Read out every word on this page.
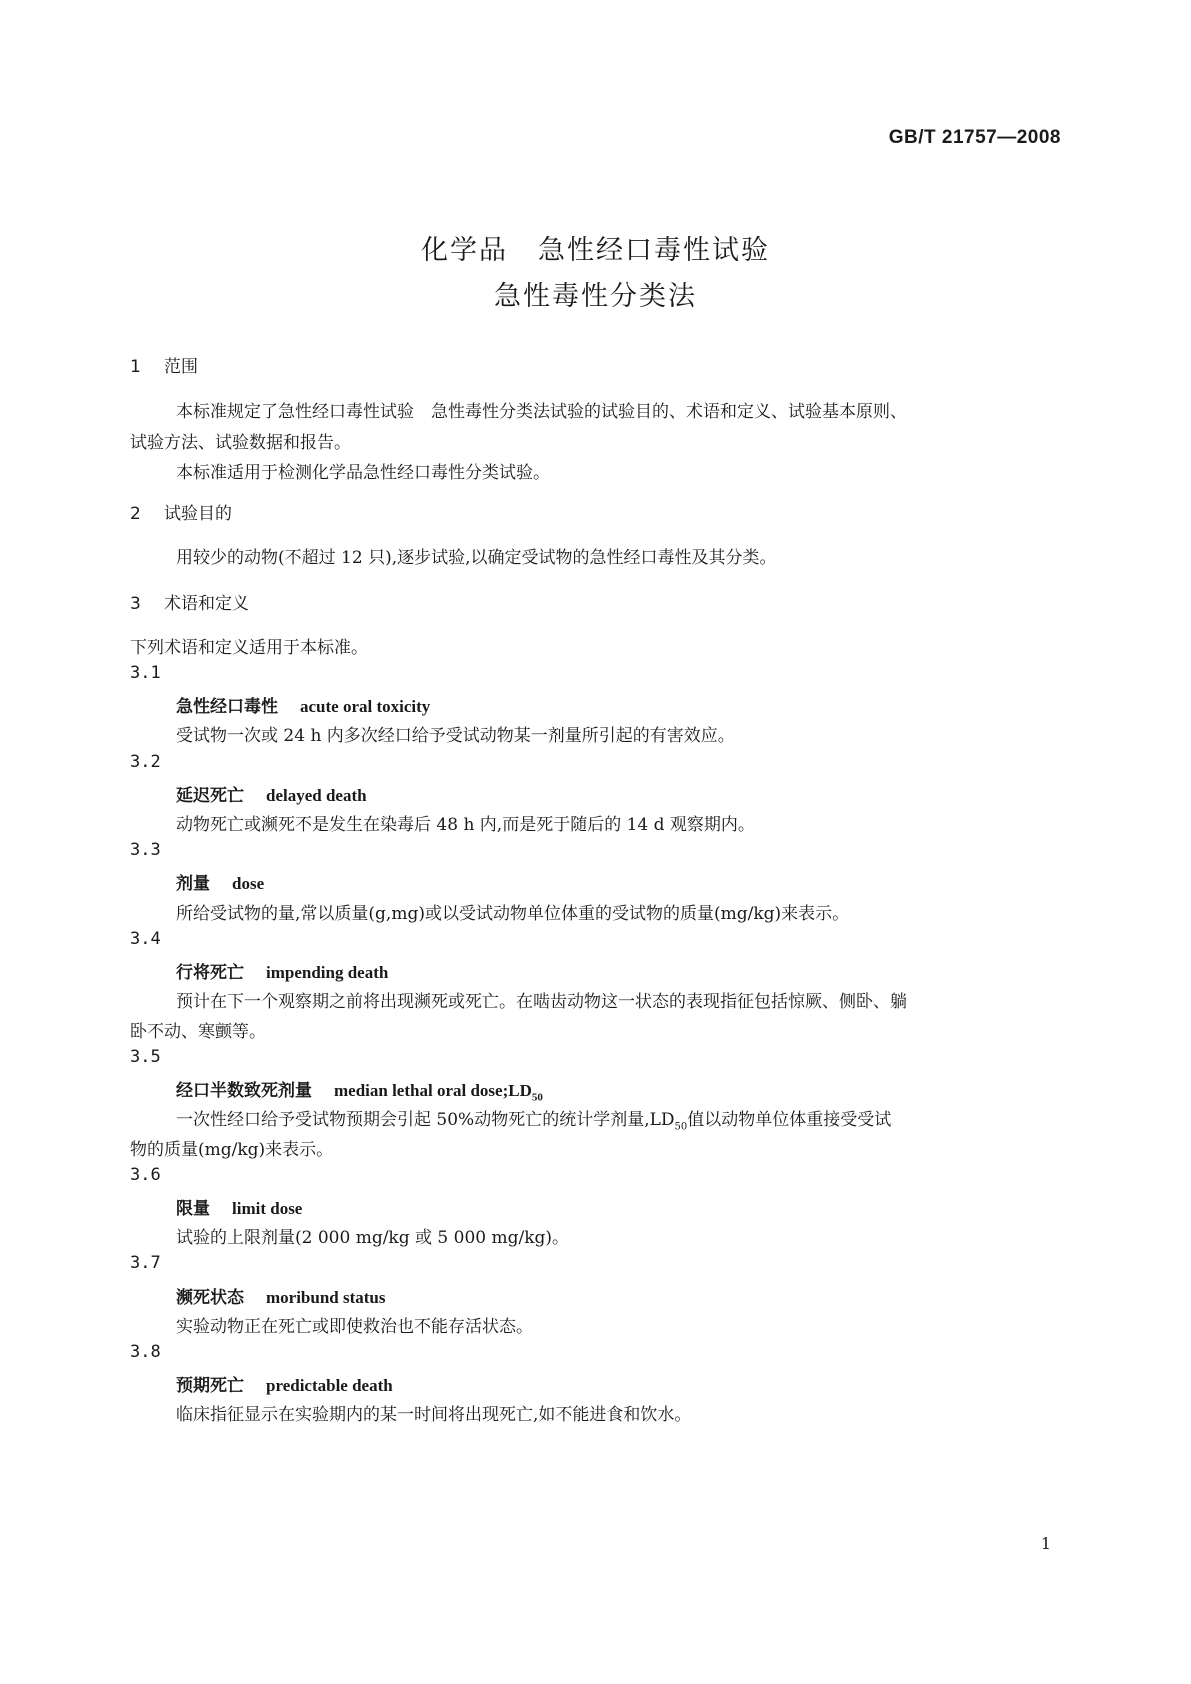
GB/T 21757—2008
化学品 急性经口毒性试验
急性毒性分类法
1 范围
本标准规定了急性经口毒性试验　急性毒性分类法试验的试验目的、术语和定义、试验基本原则、
试验方法、试验数据和报告。
本标准适用于检测化学品急性经口毒性分类试验。
2 试验目的
用较少的动物(不超过 12 只),逐步试验,以确定受试物的急性经口毒性及其分类。
3 术语和定义
下列术语和定义适用于本标准。
3.1
急性经口毒性 acute oral toxicity
受试物一次或 24 h 内多次经口给予受试动物某一剂量所引起的有害效应。
3.2
延迟死亡 delayed death
动物死亡或濒死不是发生在染毒后 48 h 内,而是死于随后的 14 d 观察期内。
3.3
剂量 dose
所给受试物的量,常以质量(g,mg)或以受试动物单位体重的受试物的质量(mg/kg)来表示。
3.4
行将死亡 impending death
预计在下一个观察期之前将出现濒死或死亡。在啮齿动物这一状态的表现指征包括惊厥、侧卧、躺
卧不动、寒颤等。
3.5
经口半数致死剂量 median lethal oral $dose;LD_{50}$
一次性经口给予受试物预期会引起 50%动物死亡的统计学剂量$,LD_{50}$值以动物单位体重接受受试
物的质量(mg/kg)来表示。
3.6
限量 limit dose
试验的上限剂量(2 000 mg/kg 或 5 000 mg/kg)。
3.7
濒死状态 moribund status
实验动物正在死亡或即使救治也不能存活状态。
3.8
预期死亡 predictable death
临床指征显示在实验期内的某一时间将出现死亡,如不能进食和饮水。
1
